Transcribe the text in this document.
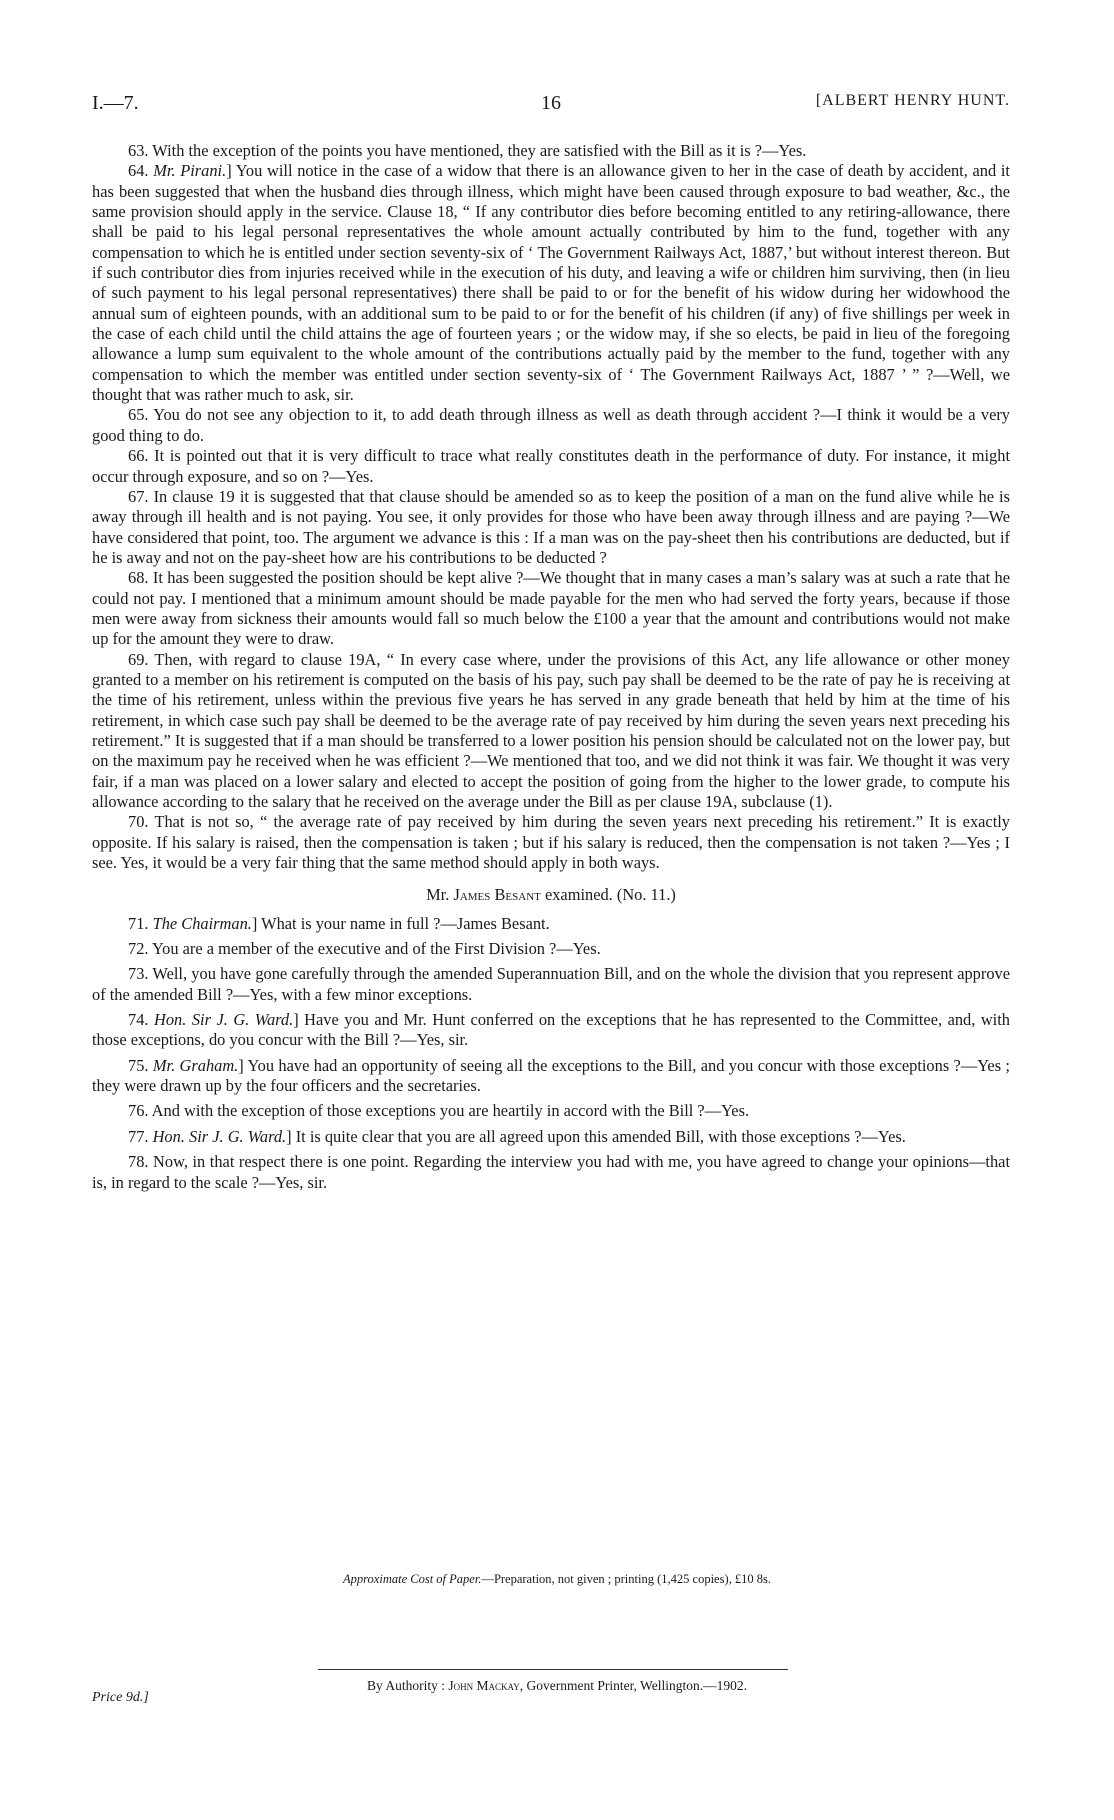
I.—7.	16	[ALBERT HENRY HUNT.

63. With the exception of the points you have mentioned, they are satisfied with the Bill as it is ?—Yes.

64. Mr. Pirani.] You will notice in the case of a widow that there is an allowance given to her in the case of death by accident, and it has been suggested that when the husband dies through illness, which might have been caused through exposure to bad weather, &c., the same provision should apply in the service. Clause 18, “ If any contributor dies before becoming entitled to any retiring-allowance, there shall be paid to his legal personal representatives the whole amount actually contributed by him to the fund, together with any compensation to which he is entitled under section seventy-six of ‘ The Government Railways Act, 1887,’ but without interest thereon. But if such contributor dies from injuries received while in the execution of his duty, and leaving a wife or children him surviving, then (in lieu of such payment to his legal personal representatives) there shall be paid to or for the benefit of his widow during her widowhood the annual sum of eighteen pounds, with an additional sum to be paid to or for the benefit of his children (if any) of five shillings per week in the case of each child until the child attains the age of fourteen years ; or the widow may, if she so elects, be paid in lieu of the foregoing allowance a lump sum equivalent to the whole amount of the contributions actually paid by the member to the fund, together with any compensation to which the member was entitled under section seventy-six of ‘ The Government Railways Act, 1887 ’ ” ?—Well, we thought that was rather much to ask, sir.

65. You do not see any objection to it, to add death through illness as well as death through accident ?—I think it would be a very good thing to do.

66. It is pointed out that it is very difficult to trace what really constitutes death in the performance of duty. For instance, it might occur through exposure, and so on ?—Yes.

67. In clause 19 it is suggested that that clause should be amended so as to keep the position of a man on the fund alive while he is away through ill health and is not paying. You see, it only provides for those who have been away through illness and are paying ?—We have considered that point, too. The argument we advance is this : If a man was on the pay-sheet then his contributions are deducted, but if he is away and not on the pay-sheet how are his contributions to be deducted ?

68. It has been suggested the position should be kept alive ?—We thought that in many cases a man’s salary was at such a rate that he could not pay. I mentioned that a minimum amount should be made payable for the men who had served the forty years, because if those men were away from sickness their amounts would fall so much below the £100 a year that the amount and contributions would not make up for the amount they were to draw.

69. Then, with regard to clause 19A, “ In every case where, under the provisions of this Act, any life allowance or other money granted to a member on his retirement is computed on the basis of his pay, such pay shall be deemed to be the rate of pay he is receiving at the time of his retirement, unless within the previous five years he has served in any grade beneath that held by him at the time of his retirement, in which case such pay shall be deemed to be the average rate of pay received by him during the seven years next preceding his retirement.” It is suggested that if a man should be transferred to a lower position his pension should be calculated not on the lower pay, but on the maximum pay he received when he was efficient ?—We mentioned that too, and we did not think it was fair. We thought it was very fair, if a man was placed on a lower salary and elected to accept the position of going from the higher to the lower grade, to compute his allowance according to the salary that he received on the average under the Bill as per clause 19A, subclause (1).

70. That is not so, “ the average rate of pay received by him during the seven years next preceding his retirement.” It is exactly opposite. If his salary is raised, then the compensation is taken ; but if his salary is reduced, then the compensation is not taken ?—Yes ; I see. Yes, it would be a very fair thing that the same method should apply in both ways.

Mr. James Besant examined. (No. 11.)

71. The Chairman.] What is your name in full ?—James Besant.

72. You are a member of the executive and of the First Division ?—Yes.

73. Well, you have gone carefully through the amended Superannuation Bill, and on the whole the division that you represent approve of the amended Bill ?—Yes, with a few minor exceptions.

74. Hon. Sir J. G. Ward.] Have you and Mr. Hunt conferred on the exceptions that he has represented to the Committee, and, with those exceptions, do you concur with the Bill ?—Yes, sir.

75. Mr. Graham.] You have had an opportunity of seeing all the exceptions to the Bill, and you concur with those exceptions ?—Yes ; they were drawn up by the four officers and the secretaries.

76. And with the exception of those exceptions you are heartily in accord with the Bill ?—Yes.

77. Hon. Sir J. G. Ward.] It is quite clear that you are all agreed upon this amended Bill, with those exceptions ?—Yes.

78. Now, in that respect there is one point. Regarding the interview you had with me, you have agreed to change your opinions—that is, in regard to the scale ?—Yes, sir.

Approximate Cost of Paper.—Preparation, not given ; printing (1,425 copies), £10 8s.
By Authority : John Mackay, Government Printer, Wellington.—1902.
Price 9d.]
